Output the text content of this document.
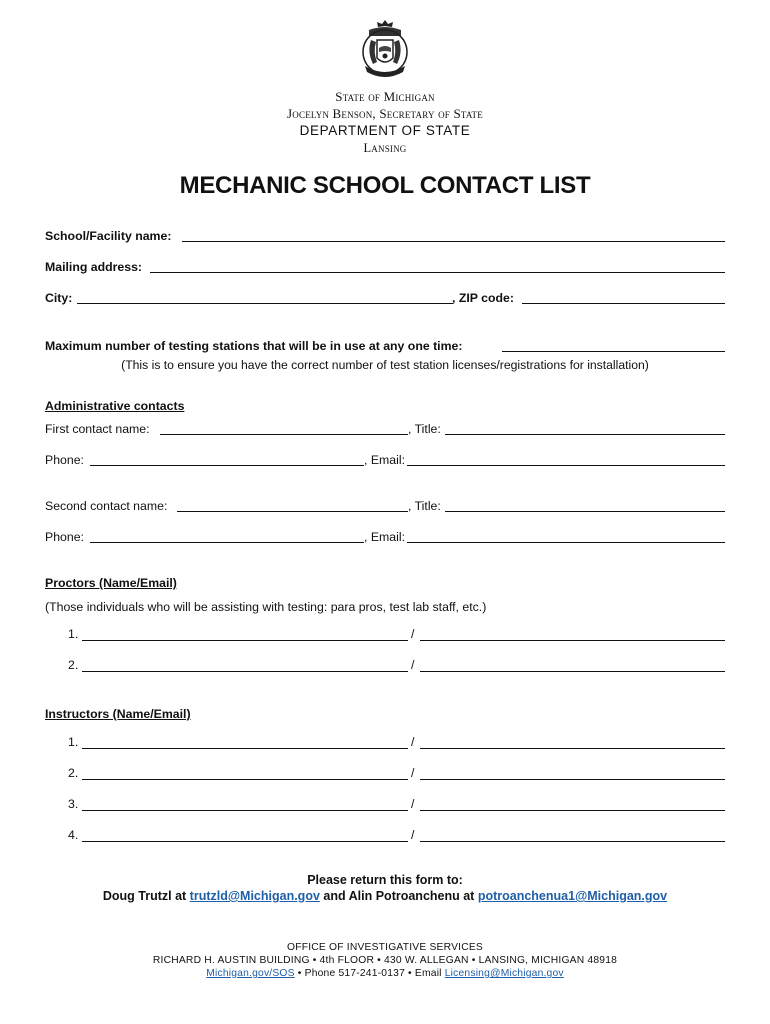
State of Michigan
Jocelyn Benson, Secretary of State
DEPARTMENT OF STATE
Lansing
MECHANIC SCHOOL CONTACT LIST
School/Facility name:
Mailing address:
City:	, ZIP code:
Maximum number of testing stations that will be in use at any one time:
(This is to ensure you have the correct number of test station licenses/registrations for installation)
Administrative contacts
First contact name:	, Title:
Phone:	, Email:
Second contact name:	, Title:
Phone:	, Email:
Proctors (Name/Email)
(Those individuals who will be assisting with testing: para pros, test lab staff, etc.)
1.	/
2.	/
Instructors (Name/Email)
1.	/
2.	/
3.	/
4.	/
Please return this form to:
Doug Trutzl at trutzld@Michigan.gov and Alin Potroanchenu at potroanchenua1@Michigan.gov
OFFICE OF INVESTIGATIVE SERVICES
RICHARD H. AUSTIN BUILDING • 4th FLOOR • 430 W. ALLEGAN • LANSING, MICHIGAN 48918
Michigan.gov/SOS • Phone 517-241-0137 • Email Licensing@Michigan.gov
